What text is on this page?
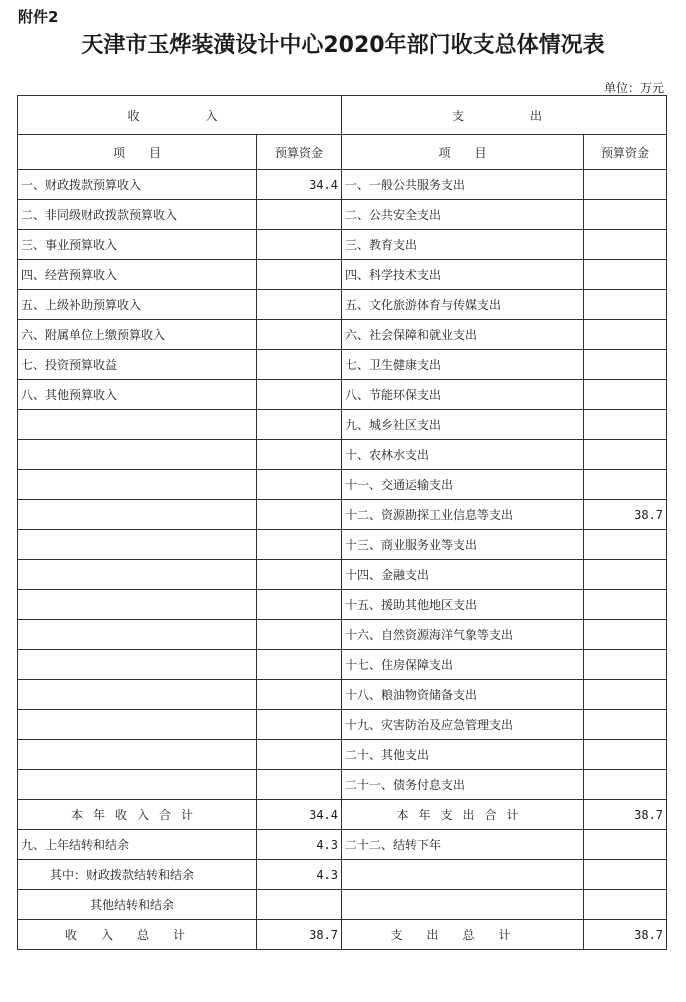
附件2
天津市玉烨装潢设计中心2020年部门收支总体情况表
单位：万元
收　　入		支　　出	
项　　目	预算资金	项　　目	预算资金
一、财政拨款预算收入	34.4	一、一般公共服务支出	
二、非同级财政拨款预算收入		二、公共安全支出	
三、事业预算收入		三、教育支出	
四、经营预算收入		四、科学技术支出	
五、上级补助预算收入		五、文化旅游体育与传媒支出	
六、附属单位上缴预算收入		六、社会保障和就业支出	
七、投资预算收益		七、卫生健康支出	
八、其他预算收入		八、节能环保支出	
		九、城乡社区支出	
		十、农林水支出	
		十一、交通运输支出	
		十二、资源勘探工业信息等支出	38.7
		十三、商业服务业等支出	
		十四、金融支出	
		十五、援助其他地区支出	
		十六、自然资源海洋气象等支出	
		十七、住房保障支出	
		十八、粮油物资储备支出	
		十九、灾害防治及应急管理支出	
		二十、其他支出	
		二十一、债务付息支出	
本年收入合计	34.4	本年支出合计	38.7
九、上年结转和结余	4.3	二十二、结转下年	
其中：财政拨款结转和结余	4.3		
其他结转和结余			
收入总计	38.7	支出总计	38.7
